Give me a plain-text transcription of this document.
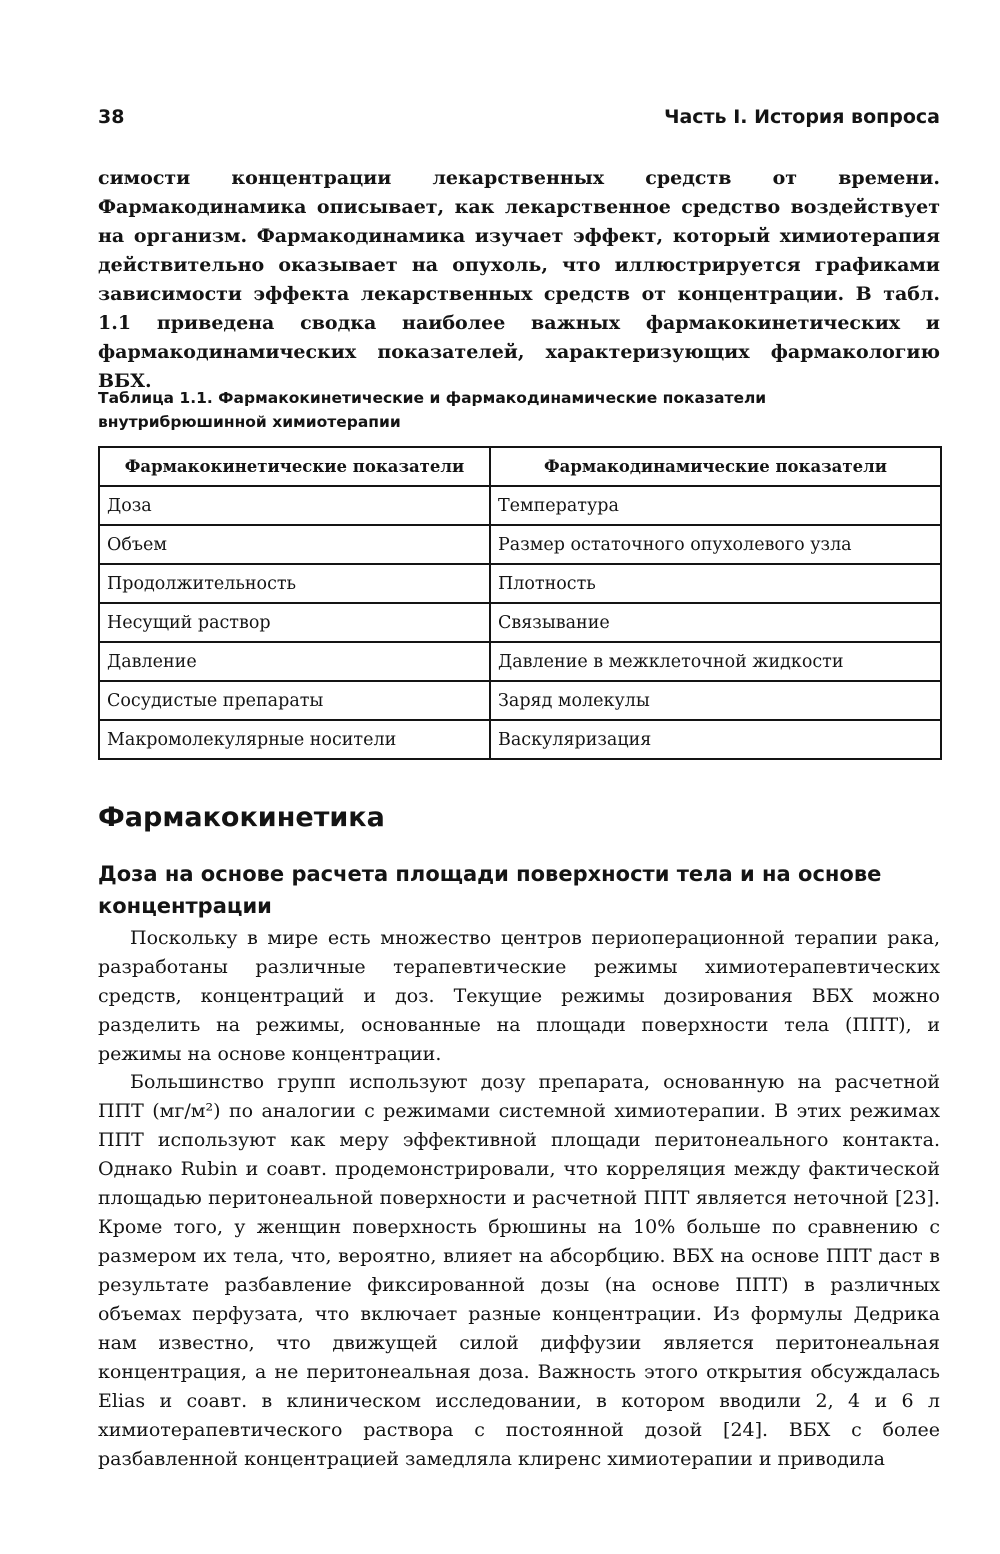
38	Часть I. История вопроса

симости концентрации лекарственных средств от времени. Фармакодинамика описывает, как лекарственное средство воздействует на организм. Фармакодинамика изучает эффект, который химиотерапия действительно оказывает на опухоль, что иллюстрируется графиками зависимости эффекта лекарственных средств от концентрации. В табл. 1.1 приведена сводка наиболее важных фармакокинетических и фармакодинамических показателей, характеризующих фармакологию ВБХ.

Таблица 1.1. Фармакокинетические и фармакодинамические показатели внутрибрюшинной химиотерапии
Фармакокинетические показатели	Фармакодинамические показатели
Доза	Температура
Объем	Размер остаточного опухолевого узла
Продолжительность	Плотность
Несущий раствор	Связывание
Давление	Давление в межклеточной жидкости
Сосудистые препараты	Заряд молекулы
Макромолекулярные носители	Васкуляризация
Фармакокинетика
Доза на основе расчета площади поверхности тела и на основе концентрации

Поскольку в мире есть множество центров периоперационной терапии рака, разработаны различные терапевтические режимы химиотерапевтических средств, концентраций и доз. Текущие режимы дозирования ВБХ можно разделить на режимы, основанные на площади поверхности тела (ППТ), и режимы на основе концентрации.

Большинство групп используют дозу препарата, основанную на расчетной ППТ (мг/м²) по аналогии с режимами системной химиотерапии. В этих режимах ППТ используют как меру эффективной площади перитонеального контакта. Однако Rubin и соавт. продемонстрировали, что корреляция между фактической площадью перитонеальной поверхности и расчетной ППТ является неточной [23]. Кроме того, у женщин поверхность брюшины на 10% больше по сравнению с размером их тела, что, вероятно, влияет на абсорбцию. ВБХ на основе ППТ даст в результате разбавление фиксированной дозы (на основе ППТ) в различных объемах перфузата, что включает разные концентрации. Из формулы Дедрика нам известно, что движущей силой диффузии является перитонеальная концентрация, а не перитонеальная доза. Важность этого открытия обсуждалась Elias и соавт. в клиническом исследовании, в котором вводили 2, 4 и 6 л химиотерапевтического раствора с постоянной дозой [24]. ВБХ с более разбавленной концентрацией замедляла клиренс химиотерапии и приводила
